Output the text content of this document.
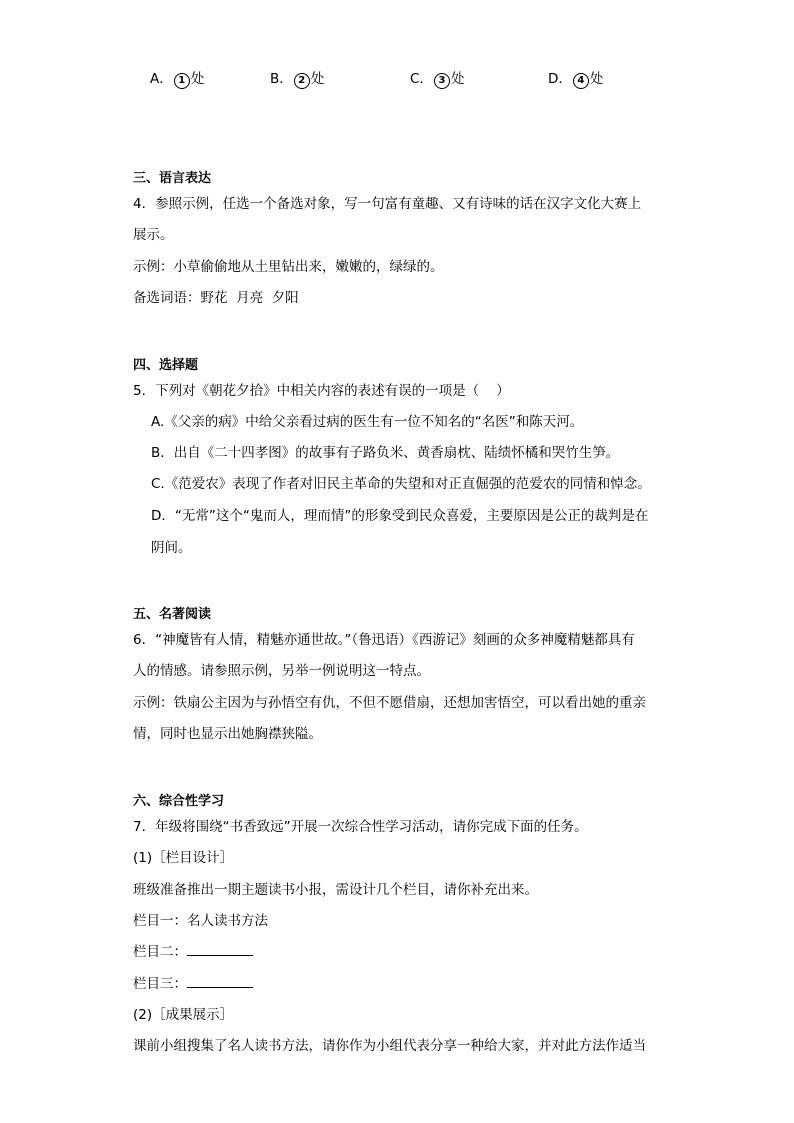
A． 1 处	B． 2 处	C． 3 处	D． 4 处
三、语言表达
4．参照示例，任选一个备选对象，写一句富有童趣、又有诗味的话在汉字文化大赛上
展示。
示例：小草偷偷地从土里钻出来，嫩嫩的，绿绿的。
备选词语：野花  月亮  夕阳
四、选择题
5．下列对《朝花夕拾》中相关内容的表述有误的一项是（    ）
A.《父亲的病》中给父亲看过病的医生有一位不知名的“名医”和陈天河。
B．出自《二十四孝图》的故事有子路负米、黄香扇枕、陆绩怀橘和哭竹生笋。
C.《范爱农》表现了作者对旧民主革命的失望和对正直倔强的范爱农的同情和悼念。
D．“无常”这个“鬼而人，理而情”的形象受到民众喜爱，主要原因是公正的裁判是在
阴间。
五、名著阅读
6．“神魔皆有人情，精魅亦通世故。”（鲁迅语）《西游记》刻画的众多神魔精魅都具有
人的情感。请参照示例，另举一例说明这一特点。
示例：铁扇公主因为与孙悟空有仇，不但不愿借扇，还想加害悟空，可以看出她的重亲
情，同时也显示出她胸襟狭隘。
六、综合性学习
7．年级将围绕“书香致远”开展一次综合性学习活动，请你完成下面的任务。
(1)［栏目设计］
班级准备推出一期主题读书小报，需设计几个栏目，请你补充出来。
栏目一：名人读书方法
栏目二：
栏目三：
(2)［成果展示］
课前小组搜集了名人读书方法，请你作为小组代表分享一种给大家，并对此方法作适当
